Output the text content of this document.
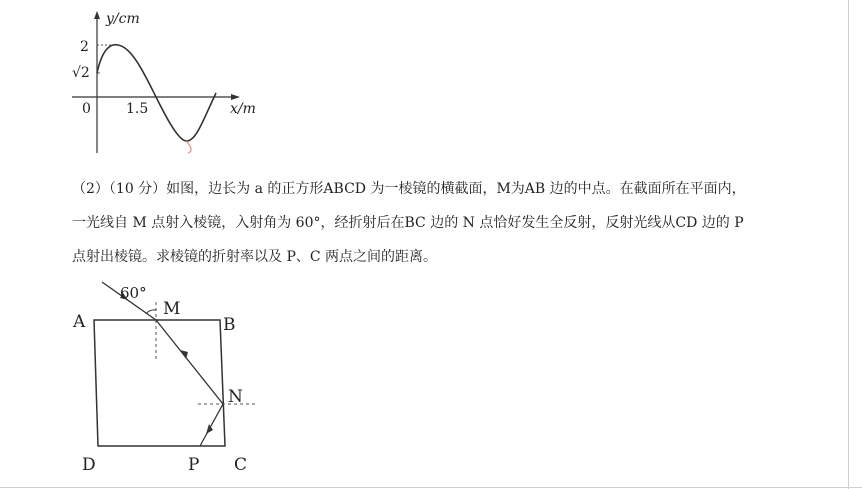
y/cm
x/m
0
2
√2
1.5

（2）（10 分）如图，边长为 a 的正方形ABCD 为一棱镜的横截面，M为AB 边的中点。在截面所在平面内，

一光线自 M 点射入棱镜，入射角为 60°，经折射后在BC 边的 N 点恰好发生全反射，反射光线从CD 边的 P

点射出棱镜。求棱镜的折射率以及 P、C 两点之间的距离。

60°
A	B
M
N
D	P C
